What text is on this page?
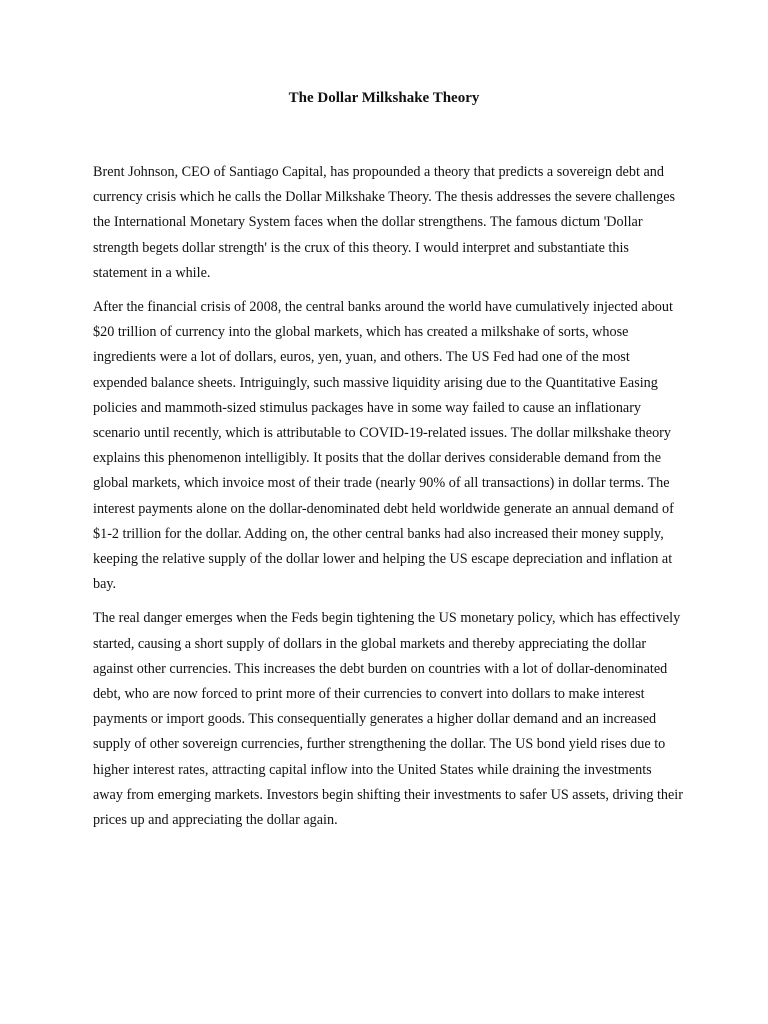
The Dollar Milkshake Theory

Brent Johnson, CEO of Santiago Capital, has propounded a theory that predicts a sovereign debt and currency crisis which he calls the Dollar Milkshake Theory. The thesis addresses the severe challenges the International Monetary System faces when the dollar strengthens. The famous dictum 'Dollar strength begets dollar strength' is the crux of this theory. I would interpret and substantiate this statement in a while.

After the financial crisis of 2008, the central banks around the world have cumulatively injected about $20 trillion of currency into the global markets, which has created a milkshake of sorts, whose ingredients were a lot of dollars, euros, yen, yuan, and others. The US Fed had one of the most expended balance sheets. Intriguingly, such massive liquidity arising due to the Quantitative Easing policies and mammoth-sized stimulus packages have in some way failed to cause an inflationary scenario until recently, which is attributable to COVID-19-related issues. The dollar milkshake theory explains this phenomenon intelligibly. It posits that the dollar derives considerable demand from the global markets, which invoice most of their trade (nearly 90% of all transactions) in dollar terms. The interest payments alone on the dollar-denominated debt held worldwide generate an annual demand of $1-2 trillion for the dollar. Adding on, the other central banks had also increased their money supply, keeping the relative supply of the dollar lower and helping the US escape depreciation and inflation at bay.

The real danger emerges when the Feds begin tightening the US monetary policy, which has effectively started, causing a short supply of dollars in the global markets and thereby appreciating the dollar against other currencies. This increases the debt burden on countries with a lot of dollar-denominated debt, who are now forced to print more of their currencies to convert into dollars to make interest payments or import goods. This consequentially generates a higher dollar demand and an increased supply of other sovereign currencies, further strengthening the dollar. The US bond yield rises due to higher interest rates, attracting capital inflow into the United States while draining the investments away from emerging markets. Investors begin shifting their investments to safer US assets, driving their prices up and appreciating the dollar again.
